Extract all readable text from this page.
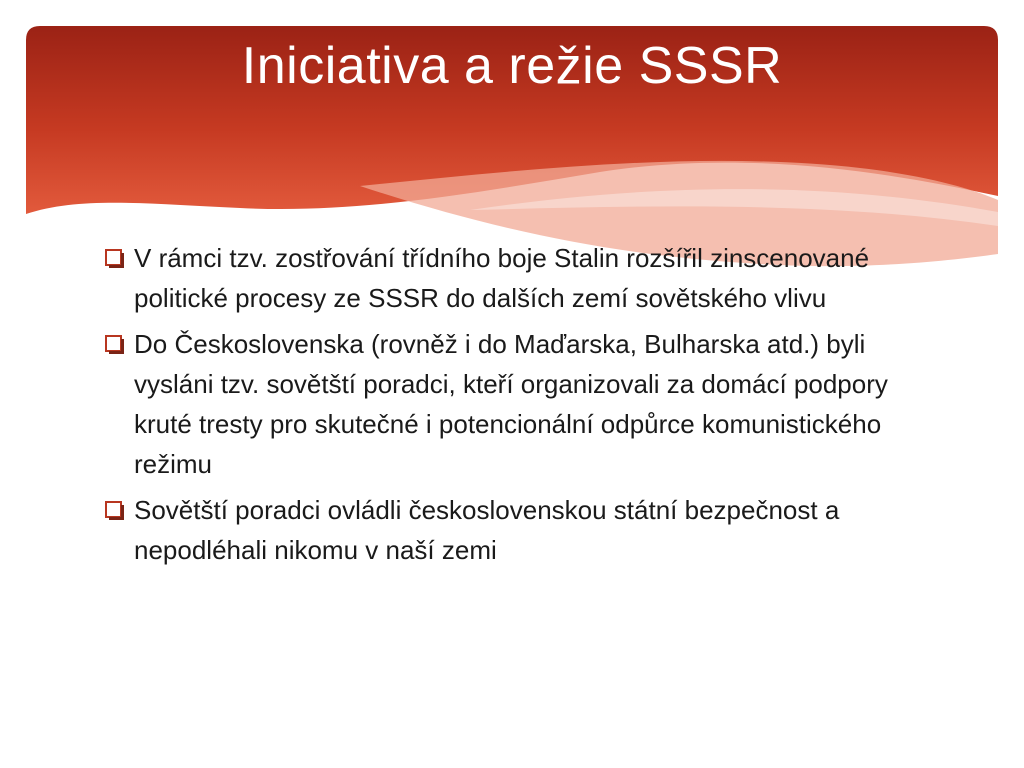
Iniciativa a režie SSSR
V rámci tzv. zostřování třídního boje Stalin rozšířil zinscenované politické procesy ze SSSR do dalších zemí sovětského vlivu
Do Československa (rovněž i do Maďarska, Bulharska atd.) byli vysláni tzv. sovětští poradci, kteří organizovali za domácí podpory kruté tresty pro skutečné i potencionální odpůrce komunistického režimu
Sovětští poradci ovládli československou státní bezpečnost a nepodléhali nikomu v naší zemi
